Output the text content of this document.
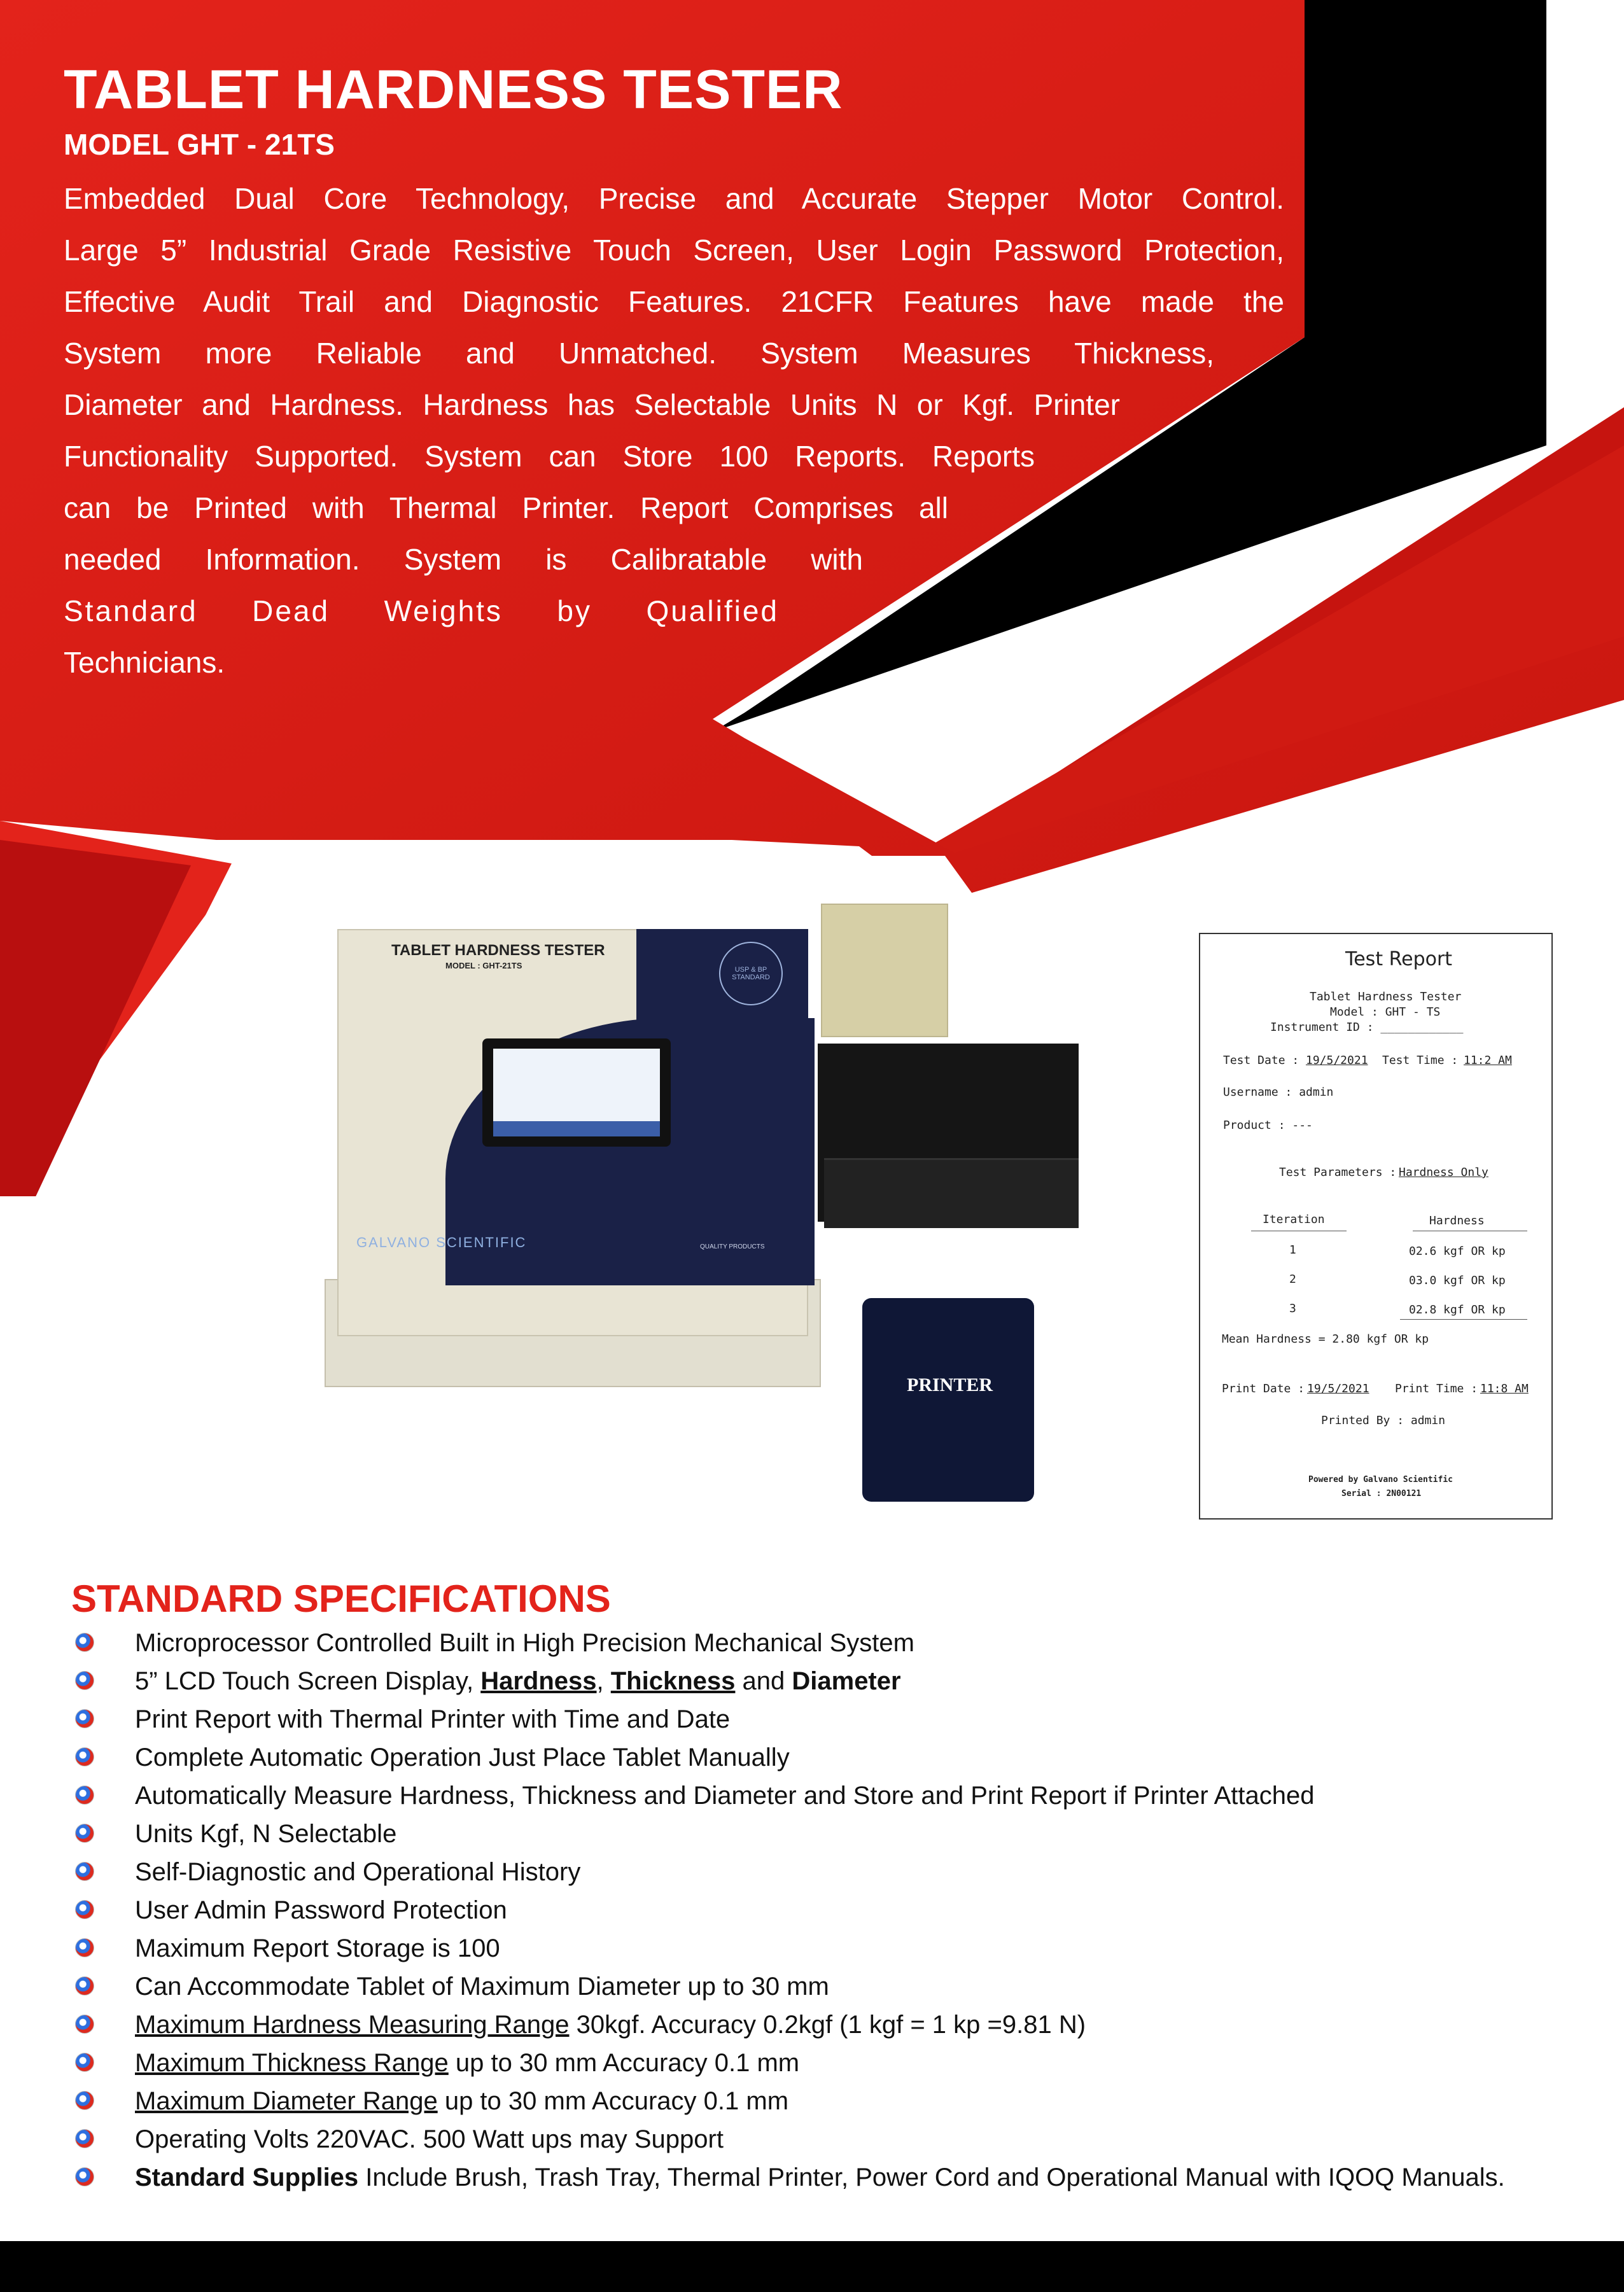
TABLET HARDNESS TESTER
MODEL GHT - 21TS
Embedded Dual Core Technology, Precise and Accurate Stepper Motor Control.
Large 5” Industrial Grade Resistive Touch Screen, User Login Password Protection,
Effective Audit Trail and Diagnostic Features. 21CFR Features have made the
System more Reliable and Unmatched. System Measures Thickness,
Diameter and Hardness. Hardness has Selectable Units N or Kgf. Printer
Functionality Supported. System can Store 100 Reports. Reports
can be Printed with Thermal Printer. Report Comprises all
needed Information. System is Calibratable with
Standard Dead Weights by Qualified
Technicians.
TABLET HARDNESS TESTER
MODEL : GHT-21TS	USP & BP STANDARD
GALVANO SCIENTIFIC	QUALITY PRODUCTS
PRINTER
Test Report
Tablet Hardness Tester
Model : GHT - TS
Instrument ID : ____________
Test Date : 19/5/2021 Test Time : 11:2 AM
Username : admin
Product : ---
Test Parameters : Hardness Only
Iteration	Hardness
1	02.6 kgf OR kp
2	03.0 kgf OR kp
3	02.8 kgf OR kp
Mean Hardness = 2.80 kgf OR kp
Print Date : 19/5/2021 Print Time : 11:8 AM
Printed By : admin
Powered by Galvano Scientific
Serial : 2N00121
STANDARD SPECIFICATIONS
Microprocessor Controlled Built in High Precision Mechanical System
5” LCD Touch Screen Display, Hardness, Thickness and Diameter
Print Report with Thermal Printer with Time and Date
Complete Automatic Operation Just Place Tablet Manually
Automatically Measure Hardness, Thickness and Diameter and Store and Print Report if Printer Attached
Units Kgf, N Selectable
Self-Diagnostic and Operational History
User Admin Password Protection
Maximum Report Storage is 100
Can Accommodate Tablet of Maximum Diameter up to 30 mm
Maximum Hardness Measuring Range 30kgf. Accuracy 0.2kgf (1 kgf = 1 kp =9.81 N)
Maximum Thickness Range up to 30 mm Accuracy 0.1 mm
Maximum Diameter Range up to 30 mm Accuracy 0.1 mm
Operating Volts 220VAC. 500 Watt ups may Support
Standard Supplies Include Brush, Trash Tray, Thermal Printer, Power Cord and Operational Manual with IQOQ Manuals.
